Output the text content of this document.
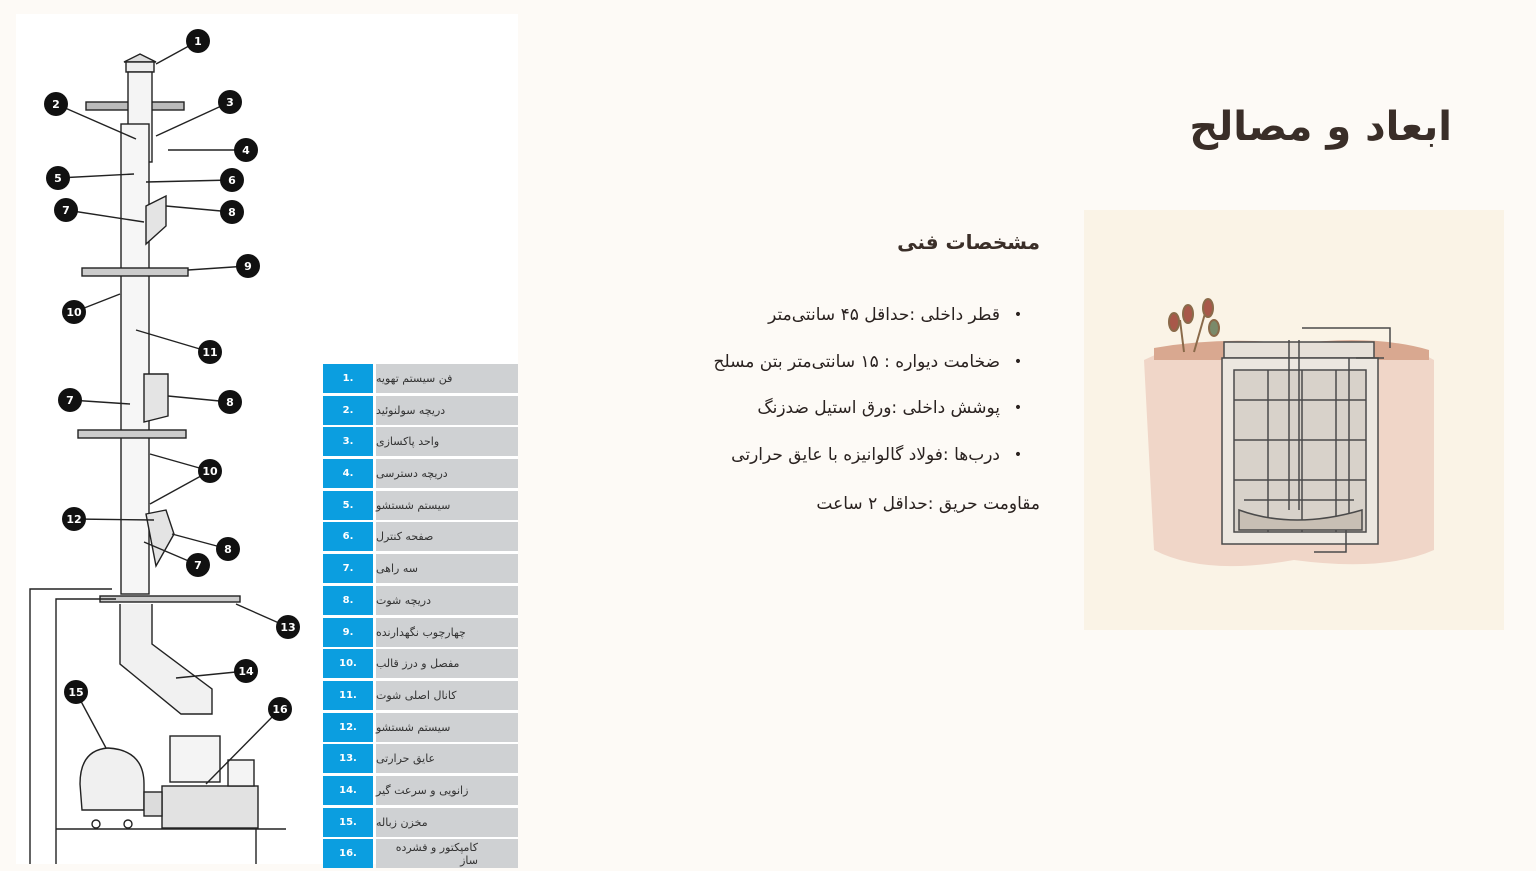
1
2	3
4
5	6
7	8
9
10
11
7	8
10
12
8
7
13
14
15
16
1.	فن سیستم تهویه
2.	دریچه سولنوئید
3.	واحد پاکسازی
4.	دریچه دسترسی
5.	سیستم شستشو
6.	صفحه کنترل
7.	سه راهی
8.	دریچه شوت
9.	چهارچوب نگهدارنده
10.	مفصل و درز قالب
11.	کانال اصلی شوت
12.	سیستم شستشو
13.	عایق حرارتی
14.	زانویی و سرعت گیر
15.	مخزن زباله
16.	کامپکتور و فشرده ساز
ابعاد و مصالح
مشخصات فنی
•
قطر داخلی :حداقل ۴۵ سانتی‌متر
•
ضخامت دیواره : ۱۵ سانتی‌متر بتن مسلح
•
پوشش داخلی :ورق استیل ضدزنگ
•
درب‌ها :فولاد گالوانیزه با عایق حرارتی

مقاومت حریق :حداقل ۲ ساعت
